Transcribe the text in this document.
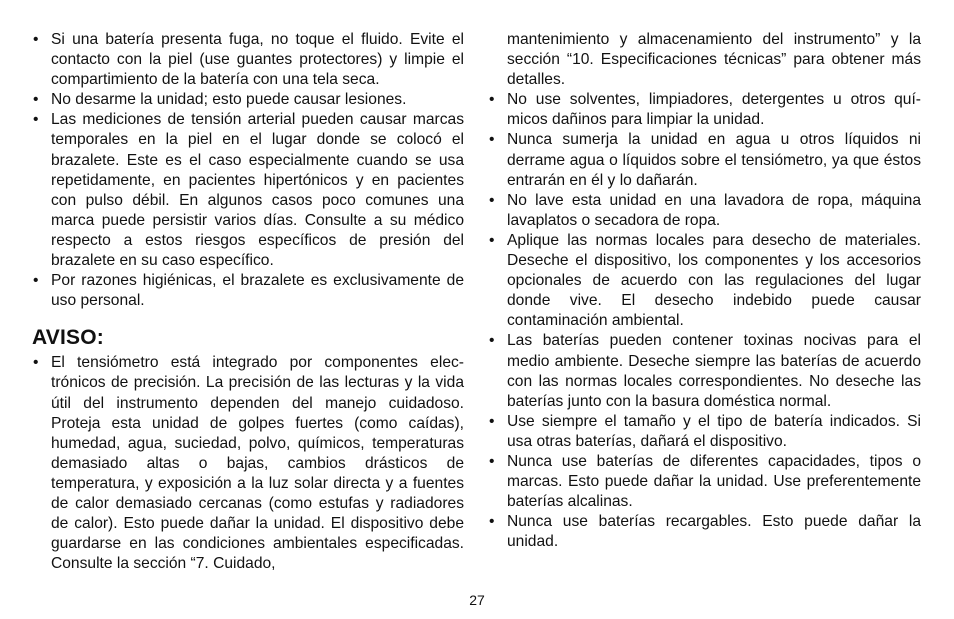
• Si una batería presenta fuga, no toque el fluido. Evite el contacto con la piel (use guantes protectores) y limpie el compartimiento de la batería con una tela seca.
• No desarme la unidad; esto puede causar lesiones.
• Las mediciones de tensión arterial pueden causar marcas temporales en la piel en el lugar donde se colocó el brazalete. Este es el caso especialmente cuando se usa repetidamente, en pacientes hipertónicos y en pacientes con pulso débil. En algunos casos poco comunes una marca puede persistir varios días. Consulte a su médico respecto a estos riesgos específicos de presión del brazalete en su caso específico.
• Por razones higiénicas, el brazalete es exclusivamente de uso personal.
AVISO:
• El tensiómetro está integrado por componentes electrónicos de precisión. La precisión de las lecturas y la vida útil del instrumento dependen del manejo cuidadoso. Proteja esta unidad de golpes fuertes (como caídas), humedad, agua, suciedad, polvo, químicos, temperaturas demasiado altas o bajas, cambios drásticos de temperatura, y exposición a la luz solar directa y a fuentes de calor demasiado cercanas (como estufas y radiadores de calor). Esto puede dañar la unidad. El dispositivo debe guardarse en las condiciones ambientales especificadas. Consulte la sección “7. Cuidado,

mantenimiento y almacenamiento del instrumento” y la sección “10. Especificaciones técnicas” para obtener más detalles.

• No use solventes, limpiadores, detergentes u otros químicos dañinos para limpiar la unidad.
• Nunca sumerja la unidad en agua u otros líquidos ni derrame agua o líquidos sobre el tensiómetro, ya que éstos entrarán en él y lo dañarán.
• No lave esta unidad en una lavadora de ropa, máquina lavaplatos o secadora de ropa.
• Aplique las normas locales para desecho de materiales. Deseche el dispositivo, los componentes y los accesorios opcionales de acuerdo con las regulaciones del lugar donde vive. El desecho indebido puede causar contaminación ambiental.
• Las baterías pueden contener toxinas nocivas para el medio ambiente. Deseche siempre las baterías de acuerdo con las normas locales correspondientes. No deseche las baterías junto con la basura doméstica normal.
• Use siempre el tamaño y el tipo de batería indicados. Si usa otras baterías, dañará el dispositivo.
• Nunca use baterías de diferentes capacidades, tipos o marcas. Esto puede dañar la unidad. Use preferentemente baterías alcalinas.
• Nunca use baterías recargables. Esto puede dañar la unidad.
27
